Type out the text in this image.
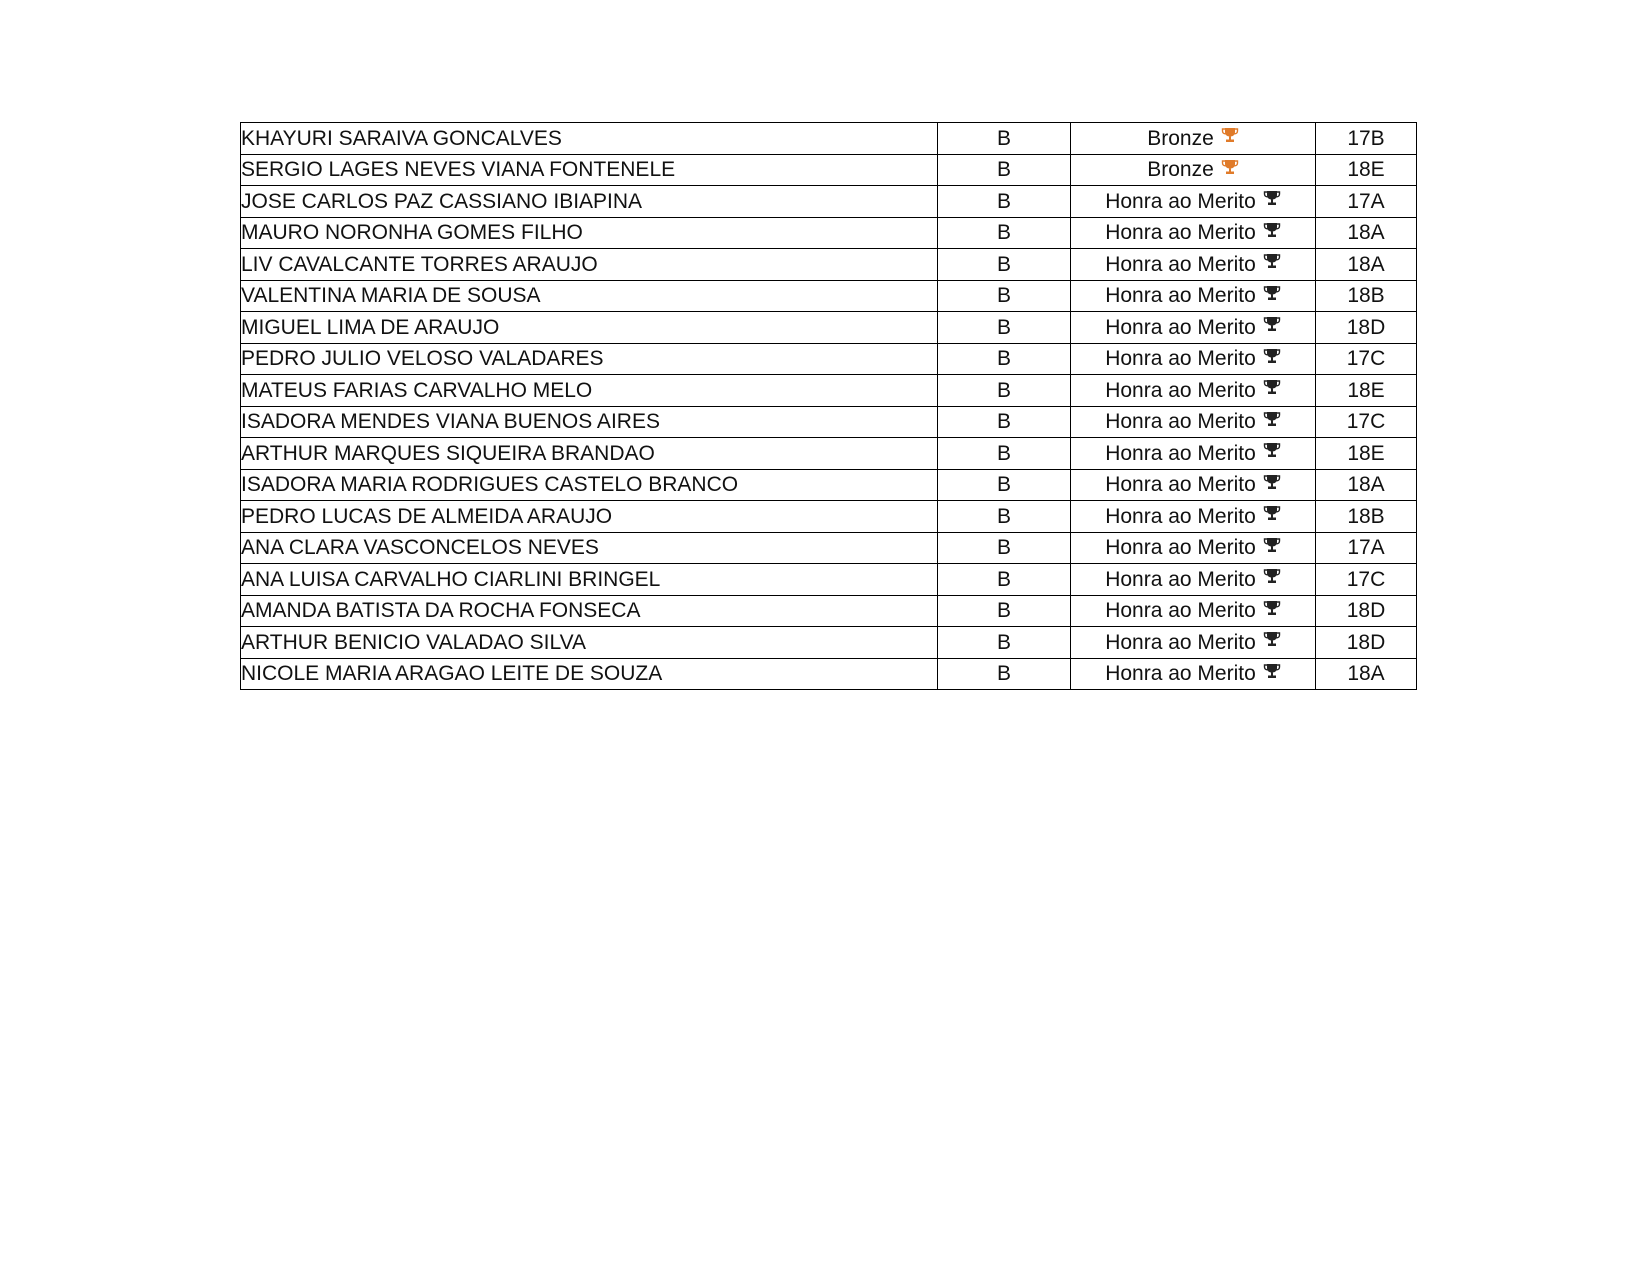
KHAYURI SARAIVA GONCALVES	B	Bronze	17B
SERGIO LAGES NEVES VIANA FONTENELE	B	Bronze	18E
JOSE CARLOS PAZ CASSIANO IBIAPINA	B	Honra ao Merito	17A
MAURO NORONHA GOMES FILHO	B	Honra ao Merito	18A
LIV CAVALCANTE TORRES ARAUJO	B	Honra ao Merito	18A
VALENTINA MARIA DE SOUSA	B	Honra ao Merito	18B
MIGUEL LIMA DE ARAUJO	B	Honra ao Merito	18D
PEDRO JULIO VELOSO VALADARES	B	Honra ao Merito	17C
MATEUS FARIAS CARVALHO MELO	B	Honra ao Merito	18E
ISADORA MENDES VIANA BUENOS AIRES	B	Honra ao Merito	17C
ARTHUR MARQUES SIQUEIRA BRANDAO	B	Honra ao Merito	18E
ISADORA MARIA RODRIGUES CASTELO BRANCO	B	Honra ao Merito	18A
PEDRO LUCAS DE ALMEIDA ARAUJO	B	Honra ao Merito	18B
ANA CLARA VASCONCELOS NEVES	B	Honra ao Merito	17A
ANA LUISA CARVALHO CIARLINI BRINGEL	B	Honra ao Merito	17C
AMANDA BATISTA DA ROCHA FONSECA	B	Honra ao Merito	18D
ARTHUR BENICIO VALADAO SILVA	B	Honra ao Merito	18D
NICOLE MARIA ARAGAO LEITE DE SOUZA	B	Honra ao Merito	18A
